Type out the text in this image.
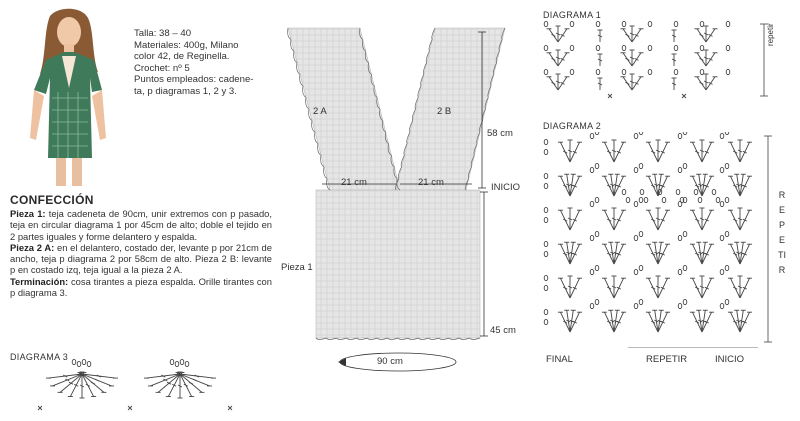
Talla: 38 – 40
Materiales: 400g, Milano
color 42, de Reginella.
Crochet: nº 5
Puntos empleados: cadene-
ta, p diagramas 1, 2 y 3.
CONFECCIÓN

Pieza 1: teja cadeneta de 90cm, unir extremos con p pasado, teja en circular diagrama 1 por 45cm de alto; doble el tejido en 2 partes iguales y forme delantero y espalda.

Pieza 2 A: en el delantero, costado der, levante p por 21cm de ancho, teja p diagrama 2 por 58cm de alto. Pieza 2 B: levante p en costado izq, teja igual a la pieza 2 A.

Terminación: cosa tirantes a pieza espalda. Orille tirantes con p diagrama 3.

DIAGRAMA 3
2 A	2 B
58 cm
21 cm	21 cm	INICIO
Pieza 1
45 cm
90 cm
DIAGRAMA 1
repetir
DIAGRAMA 2
REPETIR
FINAL	REPETIR	INICIO
